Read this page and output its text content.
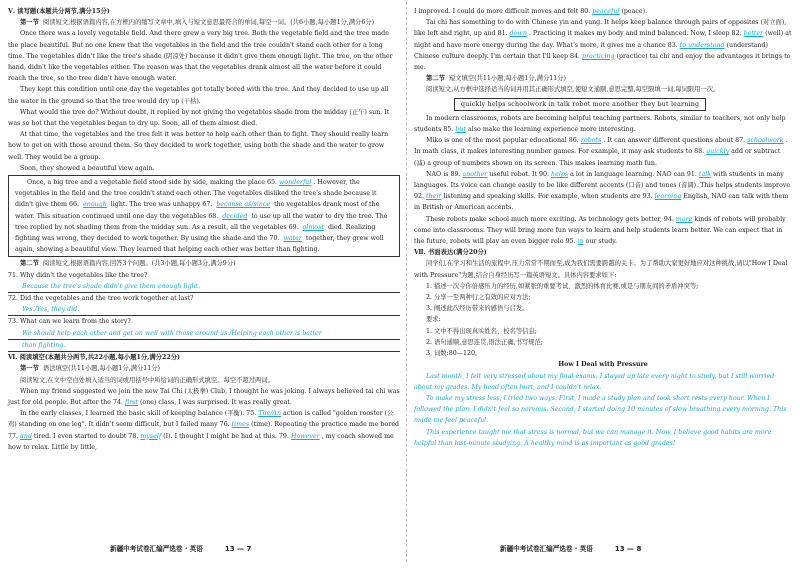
Ⅴ. 读写题(本题共分两节,满分15分)

第一节 阅读短文,根据语篇内容,在方框内的缩写文章中,填入与短文意思最符合的单词,每空一词。(共6小题,每小题1分,满分6分)

Once there was a lovely vegetable field. And there grew a very big tree. Both the vegetable field and the tree made the place beautiful. But no one knew that the vegetables in the field and the tree couldn't stand each other for a long time. The vegetables didn't like the tree's shade (阴凉处) because it didn't give them enough light. The tree, on the other hand, didn't like the vegetables either. The reason was that the vegetables drank almost all the water before it could reach the tree, so the tree didn't have enough water.

They kept this condition until one day the vegetables got totally bored with the tree. And they decided to use up all the water in the ground so that the tree would dry up (干枯).

What would the tree do? Without doubt, it replied by not giving the vegetables shade from the midday (正午) sun. It was so hot that the vegetables began to dry up. Soon, all of them almost died.

At that time, the vegetables and the tree felt it was better to help each other than to fight. They should really learn how to get on with those around them. So they decided to work together, using both the shade and the water to grow well. They would be a group.

Soon, they showed a beautiful view again.

Once, a big tree and a vegetable field stood side by side, making the place 65. wonderful . However, the vegetables in the field and the tree couldn't stand each other. The vegetables disliked the tree's shade because it didn't give them 66. enough light. The tree was unhappy 67. because as/since the vegetables drank most of the water. This situation continued until one day the vegetables 68. decided to use up all the water to dry the tree. The tree replied by not shading them from the midday sun. As a result, all the vegetables 69. almost died. Realizing fighting was wrong, they decided to work together. By using the shade and the 70. water together, they grew well again, showing a beautiful view. They learned that helping each other was better than fighting.

第二节 阅读短文,根据语篇内容,回答3个问题。(共3小题,每小题3分,满分9分)

71. Why didn't the vegetables like the tree?

Because the tree's shade didn't give them enough light.

72. Did the vegetables and the tree work together at last?

Yes./Yes, they did.

73. What can we learn from the story?

We should help each other and get on well with those around us./Helping each other is better
than fighting.

Ⅵ. 阅读填空(本题共分两节,共22小题,每小题1分,满分22分)

第一节 语法填空(共11小题,每小题1分,满分11分)

阅读短文,在文中空白处填入适当的词或用括号中所给词的正确形式填空。每空不超过两词。

When my friend suggested we join the new Tai Chi (太极拳) Club, I thought he was joking. I always believed tai chi was just for old people. But after the 74. first (one) class, I was surprised. It was really great.

In the early classes, I learned the basic skill of keeping balance (平衡). 75. The/An action is called "golden rooster (公鸡) standing on one leg". It didn't seem difficult, but I failed many 76. times (time). Repeating the practice made me bored 77. and tired. I even started to doubt 78. myself (I). I thought I might be had at this. 79. However , my coach showed me how to relax. Little by little,

新疆中考试卷汇编严选卷 · 英语	13 — 7

I improved. I could do more difficult moves and felt 80. peaceful (peace).

Tai chi has something to do with Chinese yin and yang. It helps keep balance through pairs of opposites (对立面), like left and right, up and 81. down . Practicing it makes my body and mind balanced. Now, I sleep 82. better (well) at night and have more energy during the day. What's more, it gives me a chance 83. to understand (understand) Chinese culture deeply. I'm certain that I'll keep 84. practicing (practice) tai chi and enjoy the advantages it brings to me.

第二节 短文填空(共11小题,每小题1分,满分11分)

阅读短文,从方框中选择适当的词并用其正确形式填空,使短文通顺,意思完整,每空限填一词,每词限用一次。

quickly helps schoolwork in talk robot more another they but learning

In modern classrooms, robots are becoming helpful teaching partners. Robots, similar to teachers, not only help students 85. but also make the learning experience more interesting.

Miko is one of the most popular educational 86. robots . It can answer different questions about 87. schoolwork . In math class, it makes interesting number games. For example, it may ask students to 88. quickly add or subtract (减) a group of numbers shown on its screen. This makes learning math fun.

NAO is 89. another useful robot. It 90. helps a lot in language learning. NAO can 91. talk with students in many languages. Its voice can change easily to be like different accents (口音) and tones (音调). This helps students improve 92. their listening and speaking skills. For example, when students are 93. learning English, NAO can talk with them in British or American accents.

These robots make school much more exciting. As technology gets better, 94. more kinds of robots will probably come into classrooms. They will bring more fun ways to learn and help students learn better. We can expect that in the future, robots will play an even bigger role 95. in our study.

Ⅶ. 书面表达(满分20分)

同学们,在学习和生活的旅程中,压力常常不期而至,成为我们需要跨越的关卡。为了帮助大家更好地应对这种挑战,请以"How I Deal with Pressure"为题,结合自身经历写一篇英语短文。具体内容要求如下:

1. 描述一次令你倍感压力的经历,如紧张的重要考试、激烈的体育比赛,或是与朋友间的矛盾冲突等;

2. 分享一至两种行之有效的应对方法;

3. 阐述此次经历带来的感悟与启发。

要求:

1. 文中不得出现真实姓名、校名等信息;

2. 语句通顺,意思连贯,语法正确,书写规范;

3. 词数:80—120。

How I Deal with Pressure

Last month, I felt very stressed about my final exams. I stayed up late every night to study, but I still worried about my grades. My head often hurt, and I couldn't relax.

To make my stress less, I tried two ways. First, I made a study plan and took short rests every hour. When I followed the plan, I didn't feel so nervous. Second, I started doing 10 minutes of slow breathing every morning. This made me feel peaceful.

This experience taught me that stress is normal, but we can manage it. Now, I believe good habits are more helpful than last-minute studying. A healthy mind is as important as good grades!

新疆中考试卷汇编严选卷 · 英语	13 — 8
